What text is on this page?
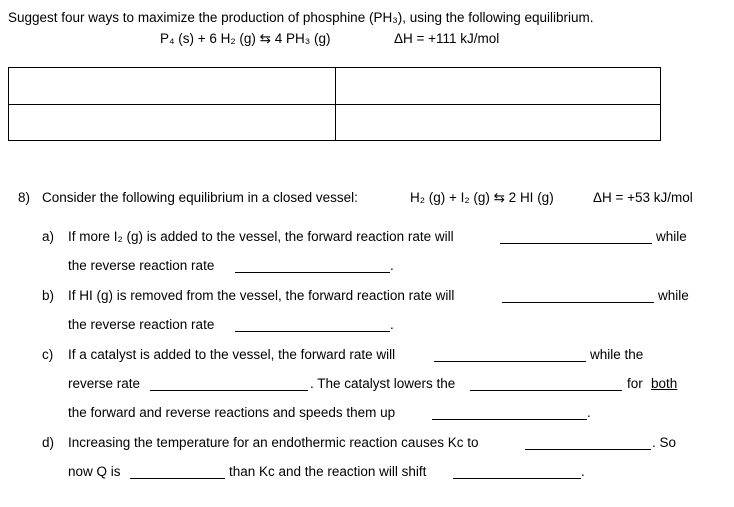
Suggest four ways to maximize the production of phosphine (PH₃), using the following equilibrium.
P₄ (s) + 6 H₂ (g) ⇆ 4 PH₃ (g)	ΔH = +111 kJ/mol
8) Consider the following equilibrium in a closed vessel:	H₂ (g) + I₂ (g) ⇆ 2 HI (g)	ΔH = +53 kJ/mol
a) If more I₂ (g) is added to the vessel, the forward reaction rate will	while
the reverse reaction rate	.
b) If HI (g) is removed from the vessel, the forward reaction rate will	while
the reverse reaction rate	.
c) If a catalyst is added to the vessel, the forward rate will	while the
reverse rate	. The catalyst lowers the	for both
the forward and reverse reactions and speeds them up	.
d) Increasing the temperature for an endothermic reaction causes Kc to	. So
now Q is	than Kc and the reaction will shift	.
